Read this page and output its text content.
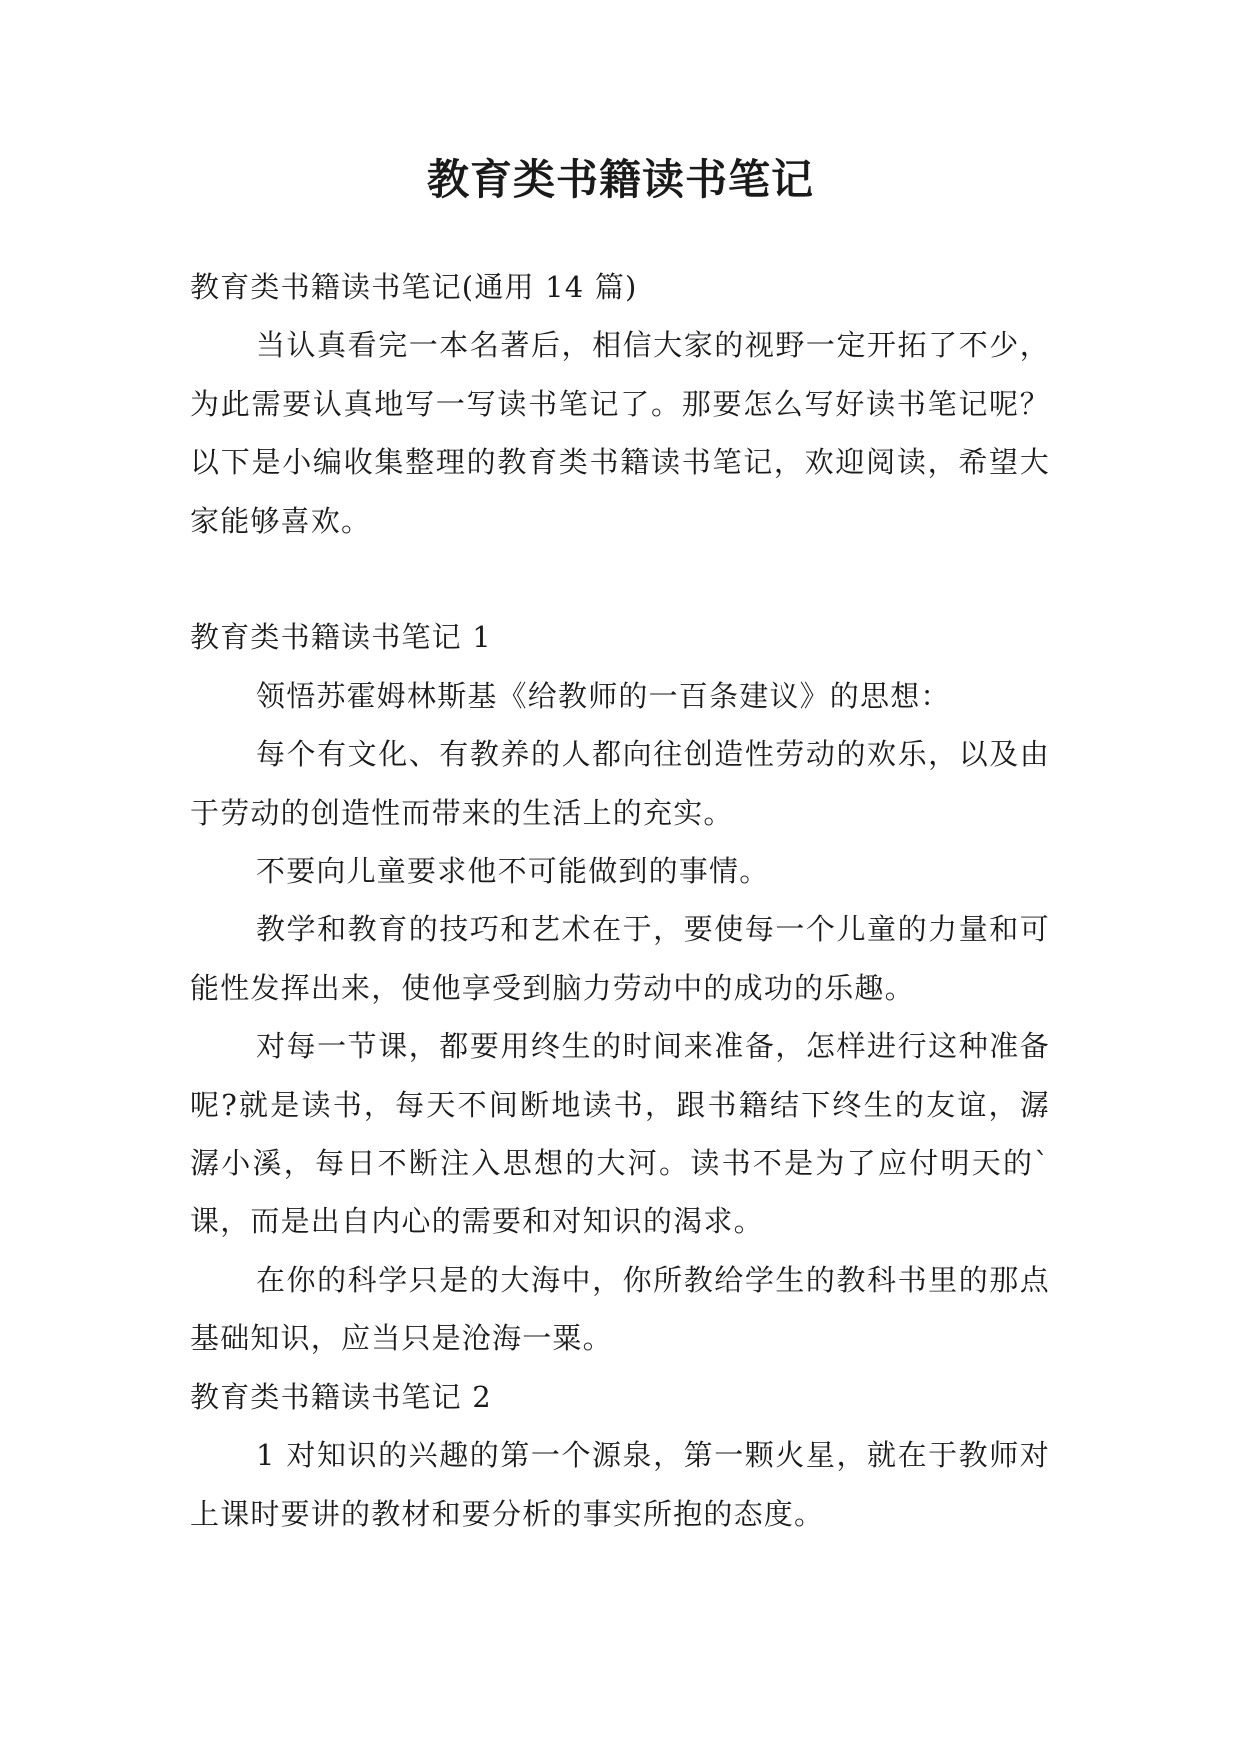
教育类书籍读书笔记

教育类书籍读书笔记(通用 14 篇)

当认真看完一本名著后，相信大家的视野一定开拓了不少，为此需要认真地写一写读书笔记了。那要怎么写好读书笔记呢？以下是小编收集整理的教育类书籍读书笔记，欢迎阅读，希望大家能够喜欢。

教育类书籍读书笔记 1

领悟苏霍姆林斯基《给教师的一百条建议》的思想：

每个有文化、有教养的人都向往创造性劳动的欢乐，以及由于劳动的创造性而带来的生活上的充实。

不要向儿童要求他不可能做到的事情。

教学和教育的技巧和艺术在于，要使每一个儿童的力量和可能性发挥出来，使他享受到脑力劳动中的成功的乐趣。

对每一节课，都要用终生的时间来准备，怎样进行这种准备呢?就是读书，每天不间断地读书，跟书籍结下终生的友谊，潺潺小溪，每日不断注入思想的大河。读书不是为了应付明天的`课，而是出自内心的需要和对知识的渴求。

在你的科学只是的大海中，你所教给学生的教科书里的那点基础知识，应当只是沧海一粟。

教育类书籍读书笔记 2

1 对知识的兴趣的第一个源泉，第一颗火星，就在于教师对上课时要讲的教材和要分析的事实所抱的态度。
